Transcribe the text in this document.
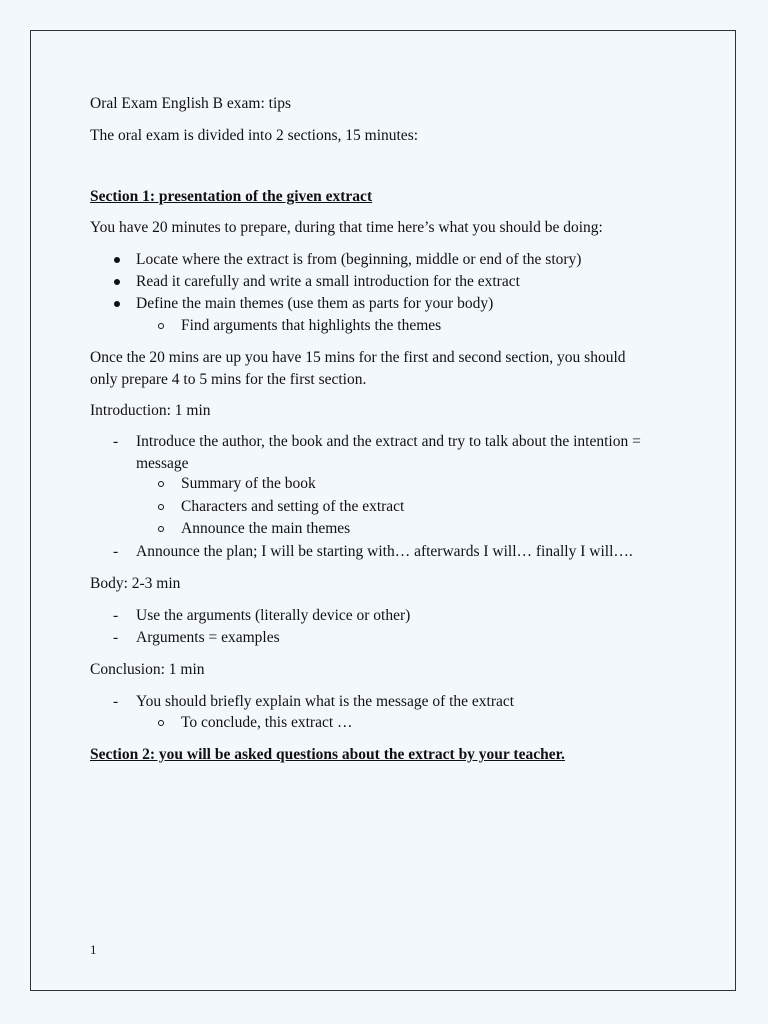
Oral Exam English B exam: tips
The oral exam is divided into 2 sections, 15 minutes:
Section 1: presentation of the given extract
You have 20 minutes to prepare, during that time here’s what you should be doing:
Locate where the extract is from (beginning, middle or end of the story)
Read it carefully and write a small introduction for the extract
Define the main themes (use them as parts for your body)
Find arguments that highlights the themes
Once the 20 mins are up you have 15 mins for the first and second section, you should
only prepare 4 to 5 mins for the first section.
Introduction: 1 min
- Introduce the author, the book and the extract and try to talk about the intention =
message
Summary of the book
Characters and setting of the extract
Announce the main themes
- Announce the plan; I will be starting with… afterwards I will… finally I will….
Body: 2-3 min
- Use the arguments (literally device or other)
- Arguments = examples
Conclusion: 1 min
- You should briefly explain what is the message of the extract
To conclude, this extract …
Section 2: you will be asked questions about the extract by your teacher.
1
